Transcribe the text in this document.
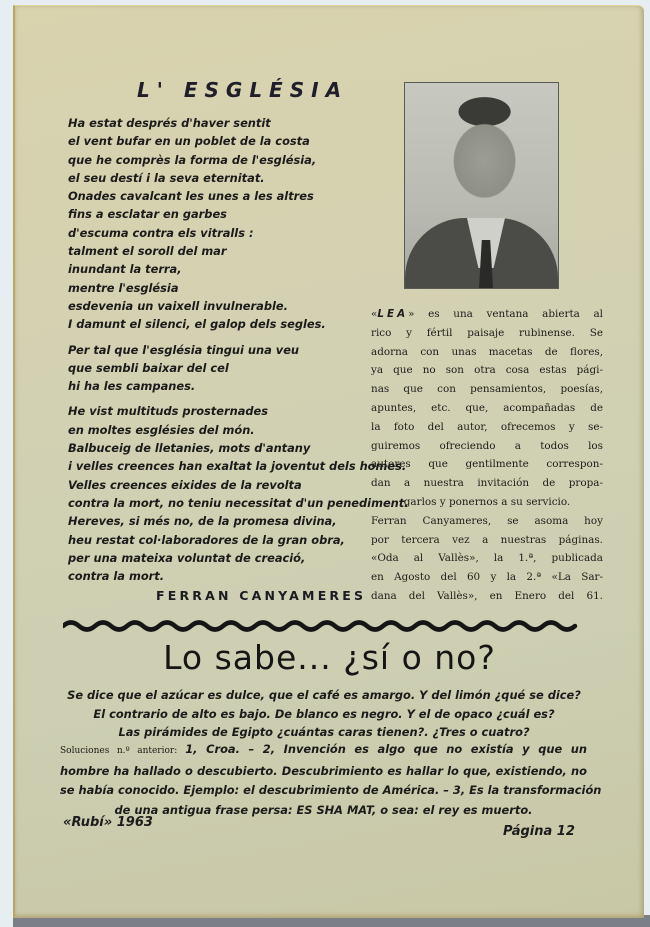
L' ESGLÉSIA
Ha estat després d'haver sentit
el vent bufar en un poblet de la costa
que he comprès la forma de l'església,
el seu destí i la seva eternitat.
Onades cavalcant les unes a les altres
fins a esclatar en garbes
d'escuma contra els vitralls :
talment el soroll del mar
inundant la terra,
mentre l'església
esdevenia un vaixell invulnerable.
I damunt el silenci, el galop dels segles.
Per tal que l'església tingui una veu
que sembli baixar del cel
hi ha les campanes.
He vist multituds prosternades
en moltes esglésies del món.
Balbuceig de lletanies, mots d'antany
i velles creences han exaltat la joventut dels homes.
Velles creences eixides de la revolta
contra la mort, no teniu necessitat d'un penediment.
Hereves, si més no, de la promesa divina,
heu restat col·laboradores de la gran obra,
per una mateixa voluntat de creació,
contra la mort.
FERRAN CANYAMERES
«LEA» es una ventana abierta al
rico y fértil paisaje rubinense. Se
adorna con unas macetas de flores,
ya que no son otra cosa estas pági-
nas que con pensamientos, poesías,
apuntes, etc. que, acompañadas de
la foto del autor, ofrecemos y se-
guiremos ofreciendo a todos los
autores que gentilmente correspon-
dan a nuestra invitación de propa-
garlos y ponernos a su servicio.
Ferran Canyameres, se asoma hoy
por tercera vez a nuestras páginas.
«Oda al Vallès», la 1.ª, publicada
en Agosto del 60 y la 2.ª «La Sar-
dana del Vallès», en Enero del 61.
Lo sabe... ¿sí o no?
Se dice que el azúcar es dulce, que el café es amargo. Y del limón ¿qué se dice?
El contrario de alto es bajo. De blanco es negro. Y el de opaco ¿cuál es?
Las pirámides de Egipto ¿cuántas caras tienen?. ¿Tres o cuatro?
Soluciones n.º anterior: 1, Croa. – 2, Invención es algo que no existía y que un
hombre ha hallado o descubierto. Descubrimiento es hallar lo que, existiendo, no
se había conocido. Ejemplo: el descubrimiento de América. – 3, Es la transformación
de una antigua frase persa: ES SHA MAT, o sea: el rey es muerto.
«Rubí» 1963
Página 12
